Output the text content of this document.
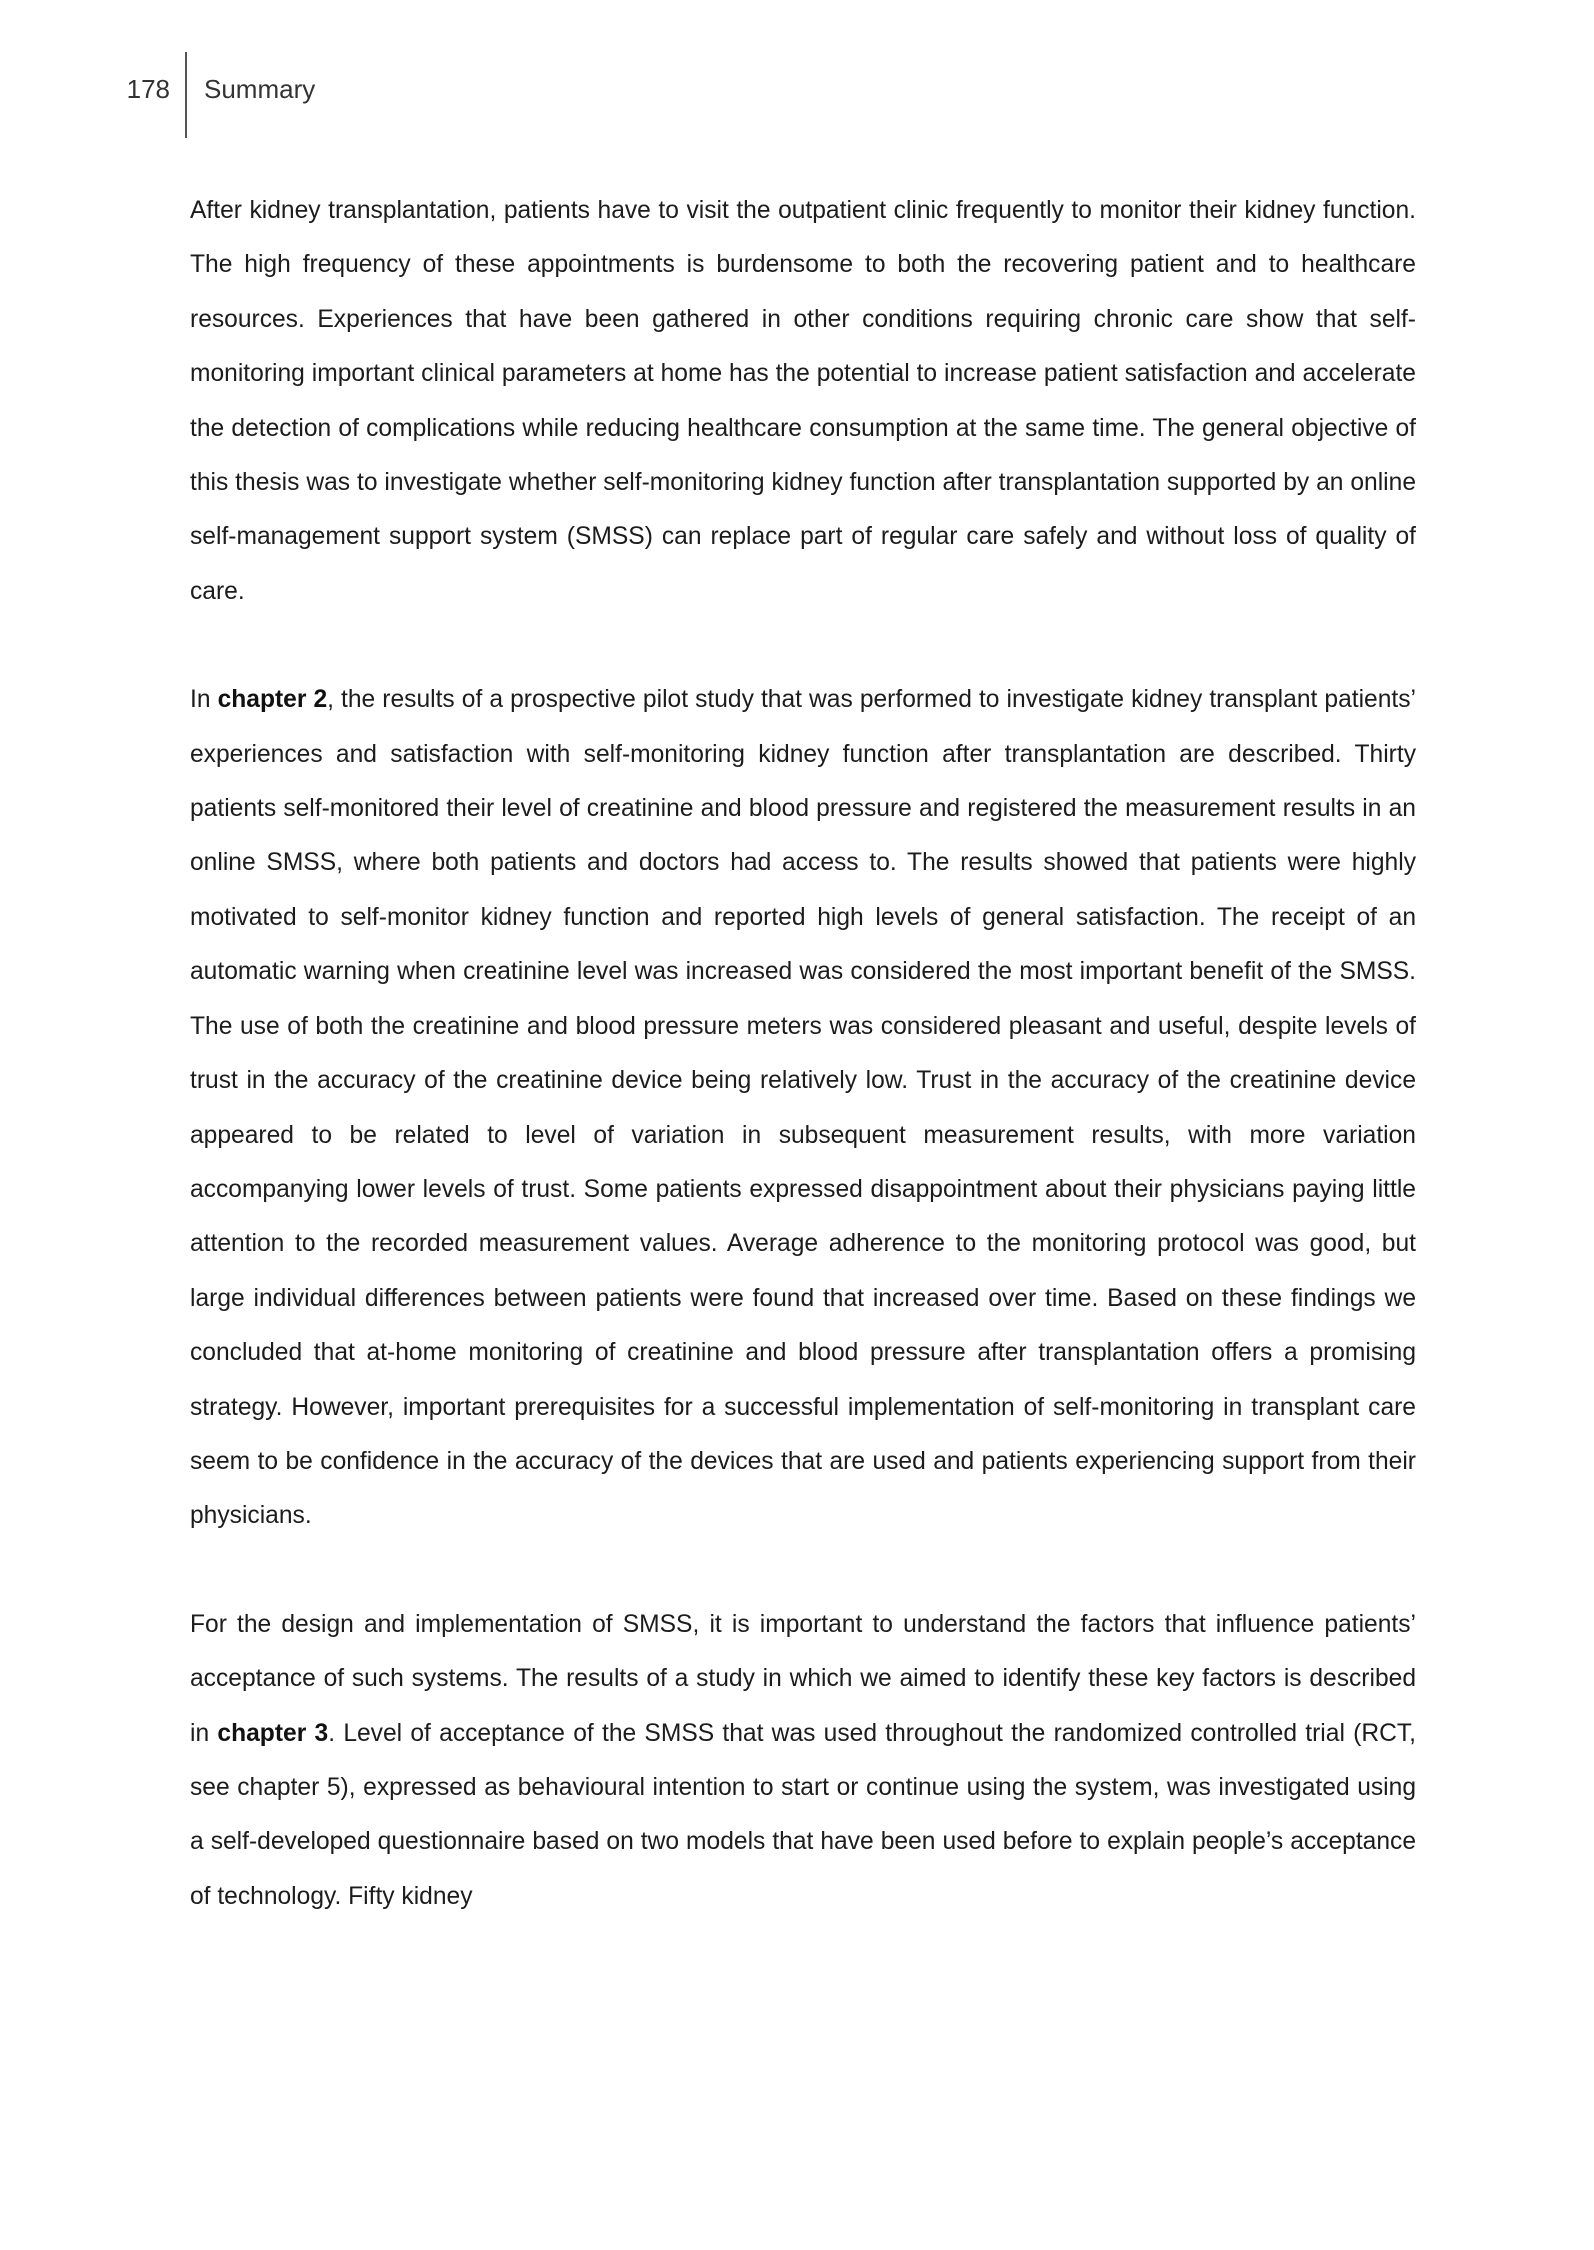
178 Summary

After kidney transplantation, patients have to visit the outpatient clinic frequently to monitor their kidney function. The high frequency of these appointments is burdensome to both the recovering patient and to healthcare resources. Experiences that have been gathered in other conditions requiring chronic care show that self-monitoring important clinical parameters at home has the potential to increase patient satisfaction and accelerate the detection of complications while reducing healthcare consumption at the same time. The general objective of this thesis was to investigate whether self-monitoring kidney function after transplantation supported by an online self-management support system (SMSS) can replace part of regular care safely and without loss of quality of care.

In chapter 2, the results of a prospective pilot study that was performed to investigate kidney transplant patients’ experiences and satisfaction with self-monitoring kidney function after transplantation are described. Thirty patients self-monitored their level of creatinine and blood pressure and registered the measurement results in an online SMSS, where both patients and doctors had access to. The results showed that patients were highly motivated to self-monitor kidney function and reported high levels of general satisfaction. The receipt of an automatic warning when creatinine level was increased was considered the most important benefit of the SMSS. The use of both the creatinine and blood pressure meters was considered pleasant and useful, despite levels of trust in the accuracy of the creatinine device being relatively low. Trust in the accuracy of the creatinine device appeared to be related to level of variation in subsequent measurement results, with more variation accompanying lower levels of trust. Some patients expressed disappointment about their physicians paying little attention to the recorded measurement values. Average adherence to the monitoring protocol was good, but large individual differences between patients were found that increased over time. Based on these findings we concluded that at-home monitoring of creatinine and blood pressure after transplantation offers a promising strategy. However, important prerequisites for a successful implementation of self-monitoring in transplant care seem to be confidence in the accuracy of the devices that are used and patients experiencing support from their physicians.

For the design and implementation of SMSS, it is important to understand the factors that influence patients’ acceptance of such systems. The results of a study in which we aimed to identify these key factors is described in chapter 3. Level of acceptance of the SMSS that was used throughout the randomized controlled trial (RCT, see chapter 5), expressed as behavioural intention to start or continue using the system, was investigated using a self-developed questionnaire based on two models that have been used before to explain people’s acceptance of technology. Fifty kidney
